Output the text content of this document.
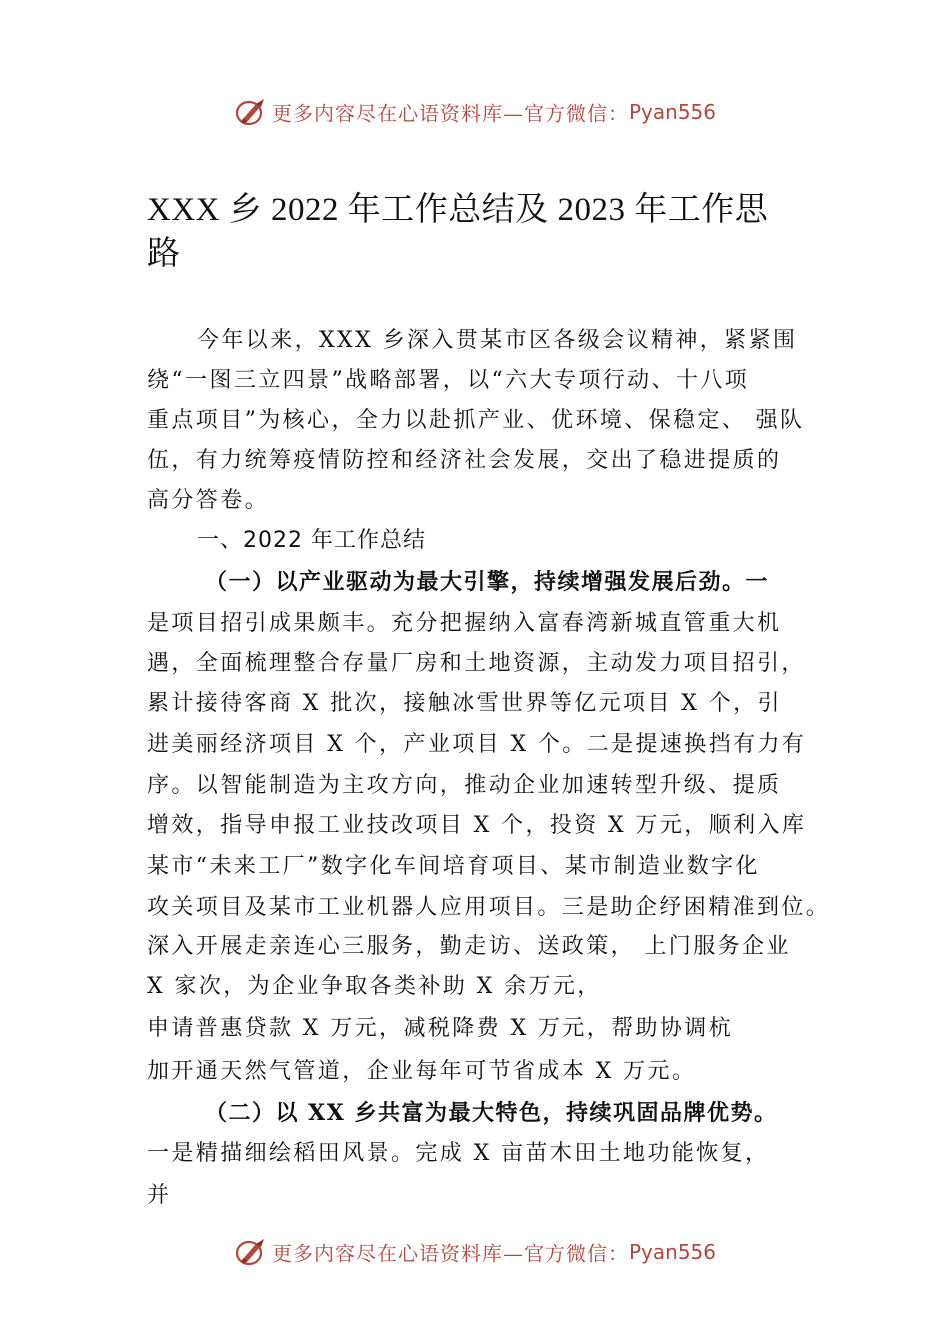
更多内容尽在心语资料库—官方微信：Pyan556
XXX 乡 2022 年工作总结及 2023 年工作思
路
今年以来，XXX 乡深入贯某市区各级会议精神，紧紧围
绕“一图三立四景”战略部署，以“六大专项行动、十八项
重点项目”为核心，全力以赴抓产业、优环境、保稳定、 强队
伍，有力统筹疫情防控和经济社会发展，交出了稳进提质的
高分答卷。
一、2022 年工作总结
（一）以产业驱动为最大引擎，持续增强发展后劲。一
是项目招引成果颇丰。充分把握纳入富春湾新城直管重大机
遇，全面梳理整合存量厂房和土地资源，主动发力项目招引，
累计接待客商 X 批次，接触冰雪世界等亿元项目 X 个，引
进美丽经济项目 X 个，产业项目 X 个。二是提速换挡有力有
序。以智能制造为主攻方向，推动企业加速转型升级、提质
增效，指导申报工业技改项目 X 个，投资 X 万元，顺利入库
某市“未来工厂”数字化车间培育项目、某市制造业数字化
攻关项目及某市工业机器人应用项目。三是助企纾困精准到位。
深入开展走亲连心三服务，勤走访、送政策， 上门服务企业
X 家次，为企业争取各类补助 X 余万元，
申请普惠贷款 X 万元，减税降费 X 万元，帮助协调杭
加开通天然气管道，企业每年可节省成本 X 万元。
（二）以 XX 乡共富为最大特色，持续巩固品牌优势。
一是精描细绘稻田风景。完成 X 亩苗木田土地功能恢复，
并
更多内容尽在心语资料库—官方微信：Pyan556
